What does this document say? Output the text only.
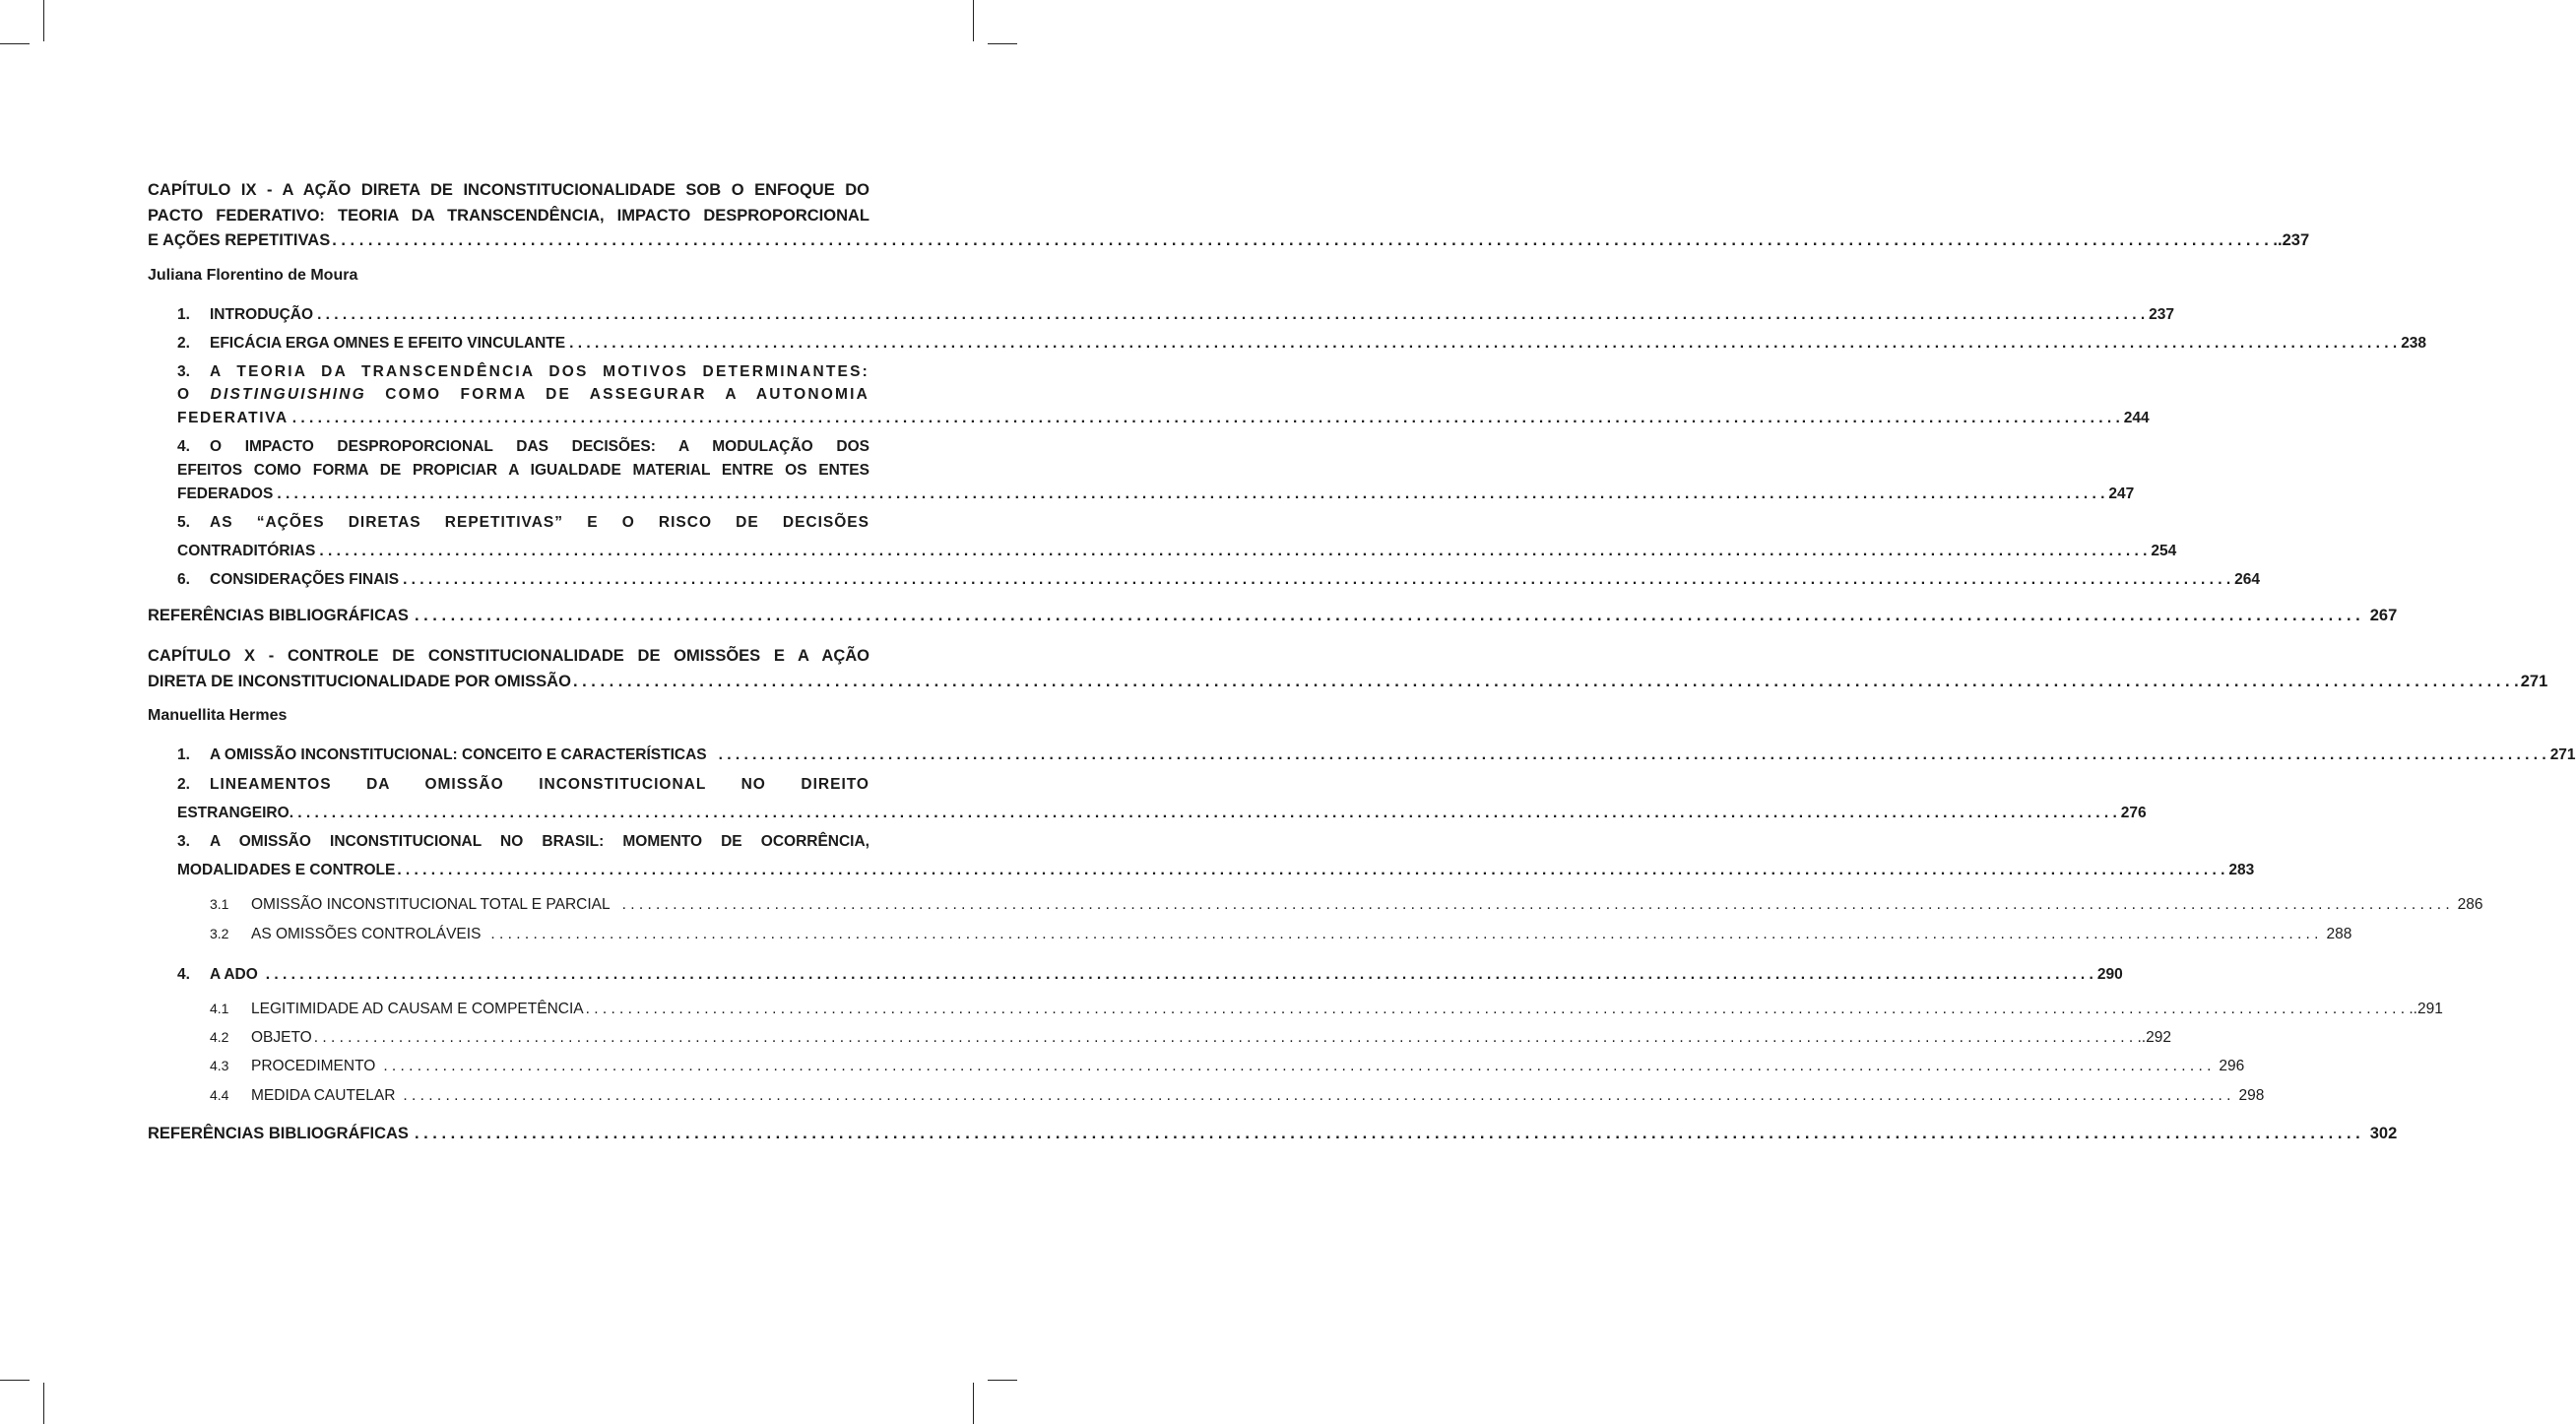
CAPÍTULO IX - A AÇÃO DIRETA DE INCONSTITUCIONALIDADE SOB O ENFOQUE DO
PACTO FEDERATIVO: TEORIA DA TRANSCENDÊNCIA, IMPACTO DESPROPORCIONAL
E AÇÕES REPETITIVAS . . .	.237
Juliana Florentino de Moura
1.	INTRODUÇÃO . . .	237
2.	EFICÁCIA ERGA OMNES E EFEITO VINCULANTE . . .	238
3.	A TEORIA DA TRANSCENDÊNCIA DOS MOTIVOS DETERMINANTES:
O DISTINGUISHING COMO FORMA DE ASSEGURAR A AUTONOMIA
FEDERATIVA . . .	244
4.	O IMPACTO DESPROPORCIONAL DAS DECISÕES: A MODULAÇÃO DOS
EFEITOS COMO FORMA DE PROPICIAR A IGUALDADE MATERIAL ENTRE OS ENTES
FEDERADOS . . .	247
5.	AS “AÇÕES DIRETAS REPETITIVAS” E O RISCO DE DECISÕES
CONTRADITÓRIAS . . .	254
6.	CONSIDERAÇÕES FINAIS . . .	264
REFERÊNCIAS BIBLIOGRÁFICAS . . .	267
CAPÍTULO X - CONTROLE DE CONSTITUCIONALIDADE DE OMISSÕES E A AÇÃO
DIRETA DE INCONSTITUCIONALIDADE POR OMISSÃO . . .	271
Manuellita Hermes
1.	A OMISSÃO INCONSTITUCIONAL: CONCEITO E CARACTERÍSTICAS . . .	271
2.	LINEAMENTOS DA OMISSÃO INCONSTITUCIONAL NO DIREITO
ESTRANGEIRO . . .	276
3.	A OMISSÃO INCONSTITUCIONAL NO BRASIL: MOMENTO DE OCORRÊNCIA,
MODALIDADES E CONTROLE . . .	283
3.1	OMISSÃO INCONSTITUCIONAL TOTAL E PARCIAL . . .	286
3.2	AS OMISSÕES CONTROLÁVEIS . . .	288
4.	A ADO . . .	290
4.1	LEGITIMIDADE AD CAUSAM E COMPETÊNCIA . . .	.291
4.2	OBJETO . . .	.292
4.3	PROCEDIMENTO . . .	296
4.4	MEDIDA CAUTELAR . . .	298
REFERÊNCIAS BIBLIOGRÁFICAS . . .	302
